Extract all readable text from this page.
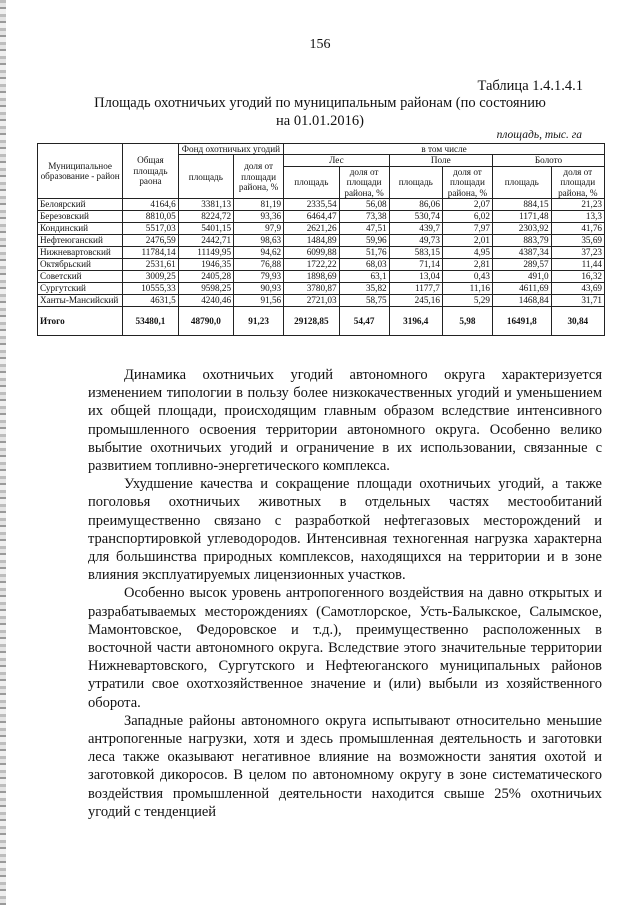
156
Таблица 1.4.1.4.1
Площадь охотничьих угодий по муниципальным районам (по состоянию на 01.01.2016)
площадь, тыс. га
Муниципальное образование - район	Общая площадь раона	Фонд охотничьих угодий		в том числе					
		площадь	доля от площади района, %	Лес		Поле		Болото	
				площадь	доля от площади района, %	площадь	доля от площади района, %	площадь	доля от площади района, %
Белоярский	4164,6	3381,13	81,19	2335,54	56,08	86,06	2,07	884,15	21,23
Березовский	8810,05	8224,72	93,36	6464,47	73,38	530,74	6,02	1171,48	13,3
Кондинский	5517,03	5401,15	97,9	2621,26	47,51	439,7	7,97	2303,92	41,76
Нефтеюганский	2476,59	2442,71	98,63	1484,89	59,96	49,73	2,01	883,79	35,69
Нижневартовский	11784,14	11149,95	94,62	6099,88	51,76	583,15	4,95	4387,34	37,23
Октябрьский	2531,61	1946,35	76,88	1722,22	68,03	71,14	2,81	289,57	11,44
Советский	3009,25	2405,28	79,93	1898,69	63,1	13,04	0,43	491,0	16,32
Сургутский	10555,33	9598,25	90,93	3780,87	35,82	1177,7	11,16	4611,69	43,69
Ханты-Мансийский	4631,5	4240,46	91,56	2721,03	58,75	245,16	5,29	1468,84	31,71
Итого	53480,1	48790,0	91,23	29128,85	54,47	3196,4	5,98	16491,8	30,84

Динамика охотничьих угодий автономного округа характеризуется изменением типологии в пользу более низкокачественных угодий и уменьшением их общей площади, происходящим главным образом вследствие интенсивного промышленного освоения территории автономного округа. Особенно велико выбытие охотничьих угодий и ограничение в их использовании, связанные с развитием топливно-энергетического комплекса.

Ухудшение качества и сокращение площади охотничьих угодий, а также поголовья охотничьих животных в отдельных частях местообитаний преимущественно связано с разработкой нефтегазовых месторождений и транспортировкой углеводородов. Интенсивная техногенная нагрузка характерна для большинства природных комплексов, находящихся на территории и в зоне влияния эксплуатируемых лицензионных участков.

Особенно высок уровень антропогенного воздействия на давно открытых и разрабатываемых месторождениях (Самотлорское, Усть-Балыкское, Салымское, Мамонтовское, Федоровское и т.д.), преимущественно расположенных в восточной части автономного округа. Вследствие этого значительные территории Нижневартовского, Сургутского и Нефтеюганского муниципальных районов утратили свое охотхозяйственное значение и (или) выбыли из хозяйственного оборота.

Западные районы автономного округа испытывают относительно меньшие антропогенные нагрузки, хотя и здесь промышленная деятельность и заготовки леса также оказывают негативное влияние на возможности занятия охотой и заготовкой дикоросов. В целом по автономному округу в зоне систематического воздействия промышленной деятельности находится свыше 25% охотничьих угодий с тенденцией
